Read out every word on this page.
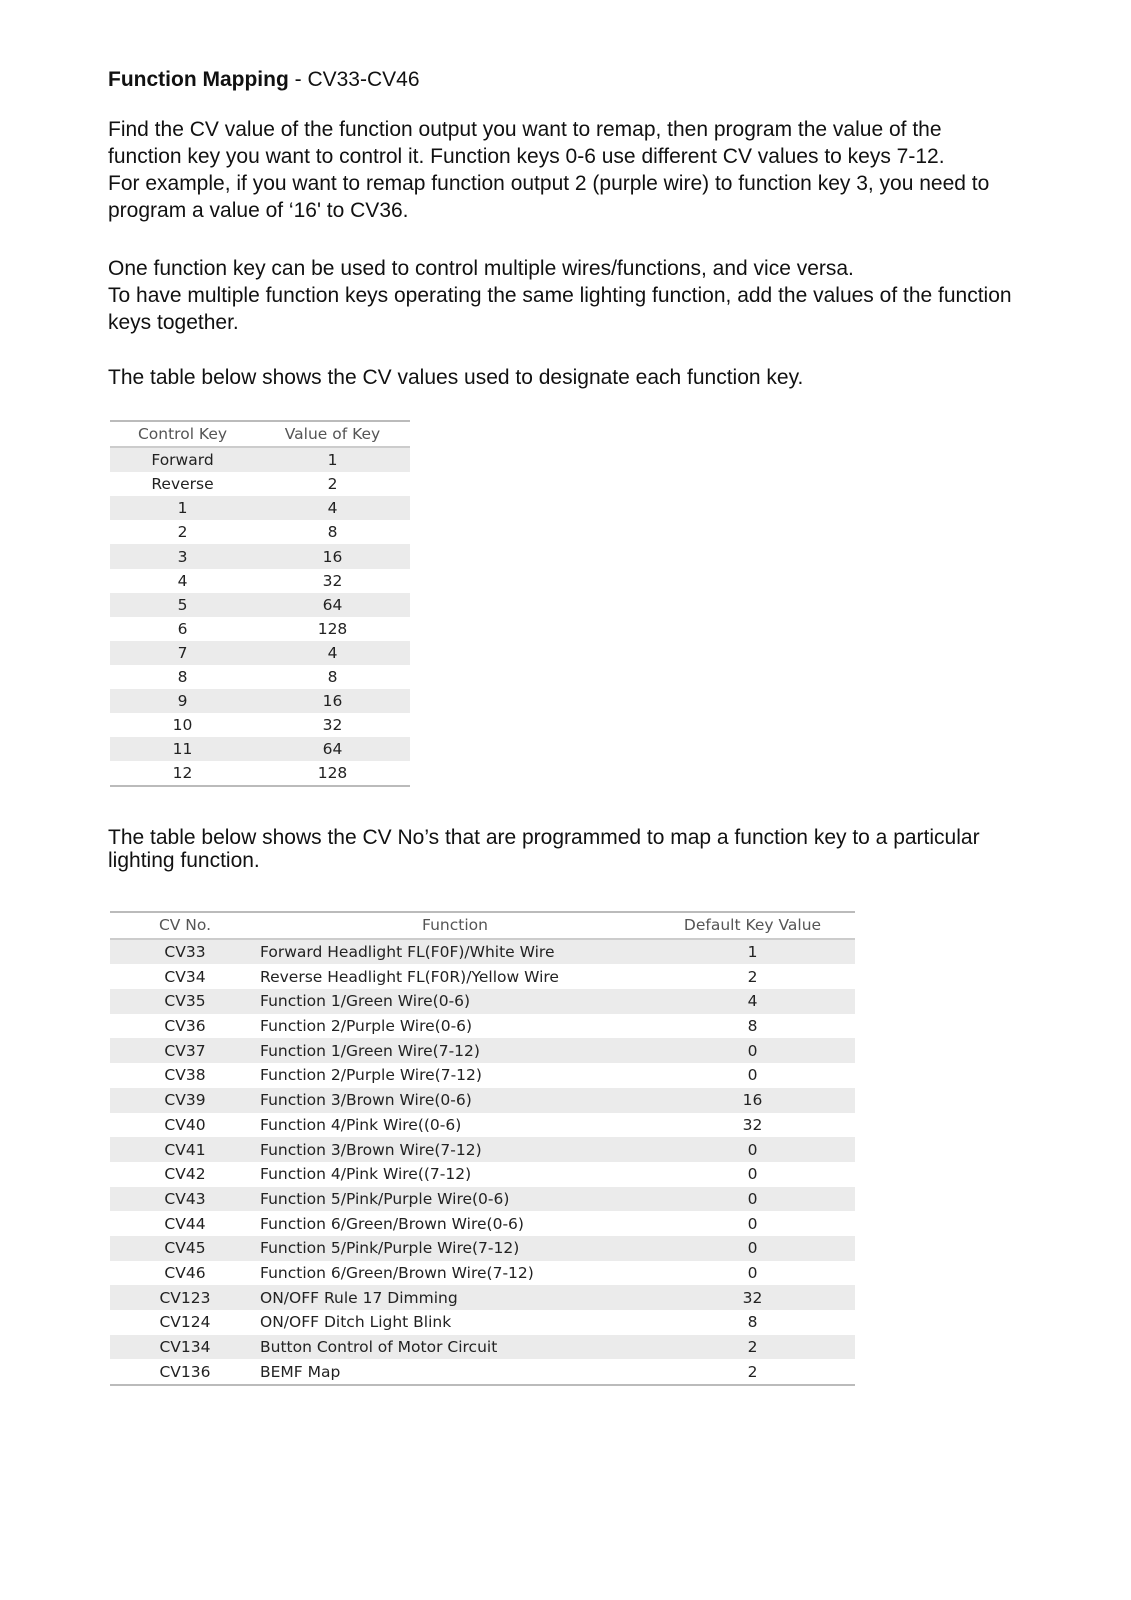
Function Mapping - CV33-CV46

Find the CV value of the function output you want to remap, then program the value of the
function key you want to control it. Function keys 0-6 use different CV values to keys 7-12.
For example, if you want to remap function output 2 (purple wire) to function key 3, you need to
program a value of ‘16' to CV36.

One function key can be used to control multiple wires/functions, and vice versa.
To have multiple function keys operating the same lighting function, add the values of the function
keys together.

The table below shows the CV values used to designate each function key.

Control Key	Value of Key
Forward	1
Reverse	2
1	4
2	8
3	16
4	32
5	64
6	128
7	4
8	8
9	16
10	32
11	64
12	128

The table below shows the CV No’s that are programmed to map a function key to a particular
lighting function.

CV No.	Function	Default Key Value
CV33	Forward Headlight FL(F0F)/White Wire	1
CV34	Reverse Headlight FL(F0R)/Yellow Wire	2
CV35	Function 1/Green Wire(0-6)	4
CV36	Function 2/Purple Wire(0-6)	8
CV37	Function 1/Green Wire(7-12)	0
CV38	Function 2/Purple Wire(7-12)	0
CV39	Function 3/Brown Wire(0-6)	16
CV40	Function 4/Pink Wire((0-6)	32
CV41	Function 3/Brown Wire(7-12)	0
CV42	Function 4/Pink Wire((7-12)	0
CV43	Function 5/Pink/Purple Wire(0-6)	0
CV44	Function 6/Green/Brown Wire(0-6)	0
CV45	Function 5/Pink/Purple Wire(7-12)	0
CV46	Function 6/Green/Brown Wire(7-12)	0
CV123	ON/OFF Rule 17 Dimming	32
CV124	ON/OFF Ditch Light Blink	8
CV134	Button Control of Motor Circuit	2
CV136	BEMF Map	2
